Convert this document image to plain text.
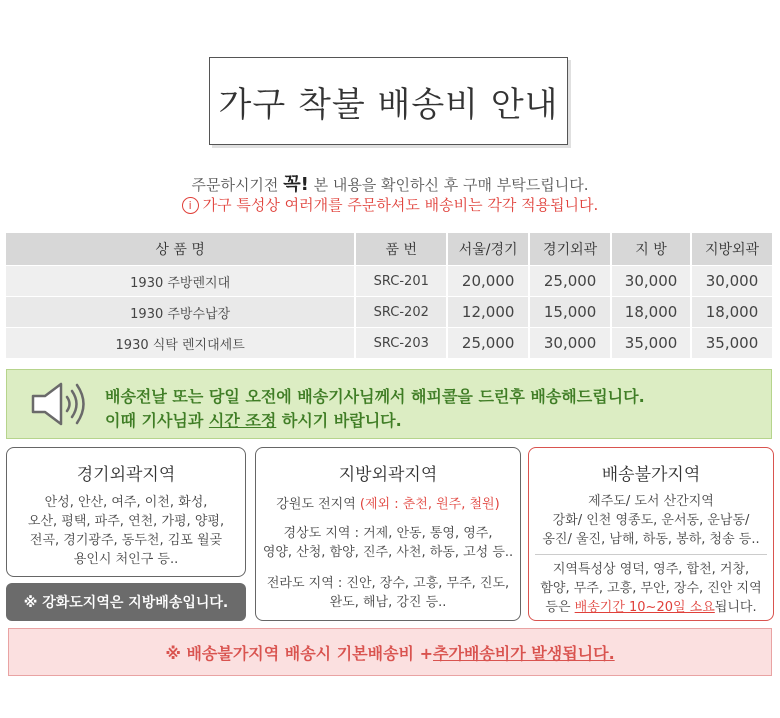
가구 착불 배송비 안내
주문하시기전 꼭! 본 내용을 확인하신 후 구매 부탁드립니다.
i 가구 특성상 여러개를 주문하셔도 배송비는 각각 적용됩니다.
상 품 명	품 번	서울/경기	경기외곽	지 방	지방외곽
1930 주방렌지대	SRC-201	20,000	25,000	30,000	30,000
1930 주방수납장	SRC-202	12,000	15,000	18,000	18,000
1930 식탁 렌지대세트	SRC-203	25,000	30,000	35,000	35,000
배송전날 또는 당일 오전에 배송기사님께서 해피콜을 드린후 배송해드립니다.
이때 기사님과 시간 조정 하시기 바랍니다.
경기외곽지역
안성, 안산, 여주, 이천, 화성,
오산, 평택, 파주, 연천, 가평, 양평,
전곡, 경기광주, 동두천, 김포 월곶
용인시 처인구 등..
※ 강화도지역은 지방배송입니다.
지방외곽지역
강원도 전지역 (제외 : 춘천, 원주, 철원)
경상도 지역 : 거제, 안동, 통영, 영주,
영양, 산청, 함양, 진주, 사천, 하동, 고성 등..
전라도 지역 : 진안, 장수, 고흥, 무주, 진도,
완도, 해남, 강진 등..
배송불가지역
제주도/ 도서 산간지역
강화/ 인천 영종도, 운서동, 운남동/
옹진/ 울진, 남해, 하동, 봉하, 청송 등..
지역특성상 영덕, 영주, 합천, 거창,
함양, 무주, 고흥, 무안, 장수, 진안 지역
등은 배송기간 10~20일 소요됩니다.
※ 배송불가지역 배송시 기본배송비 + 추가배송비가 발생됩니다.
